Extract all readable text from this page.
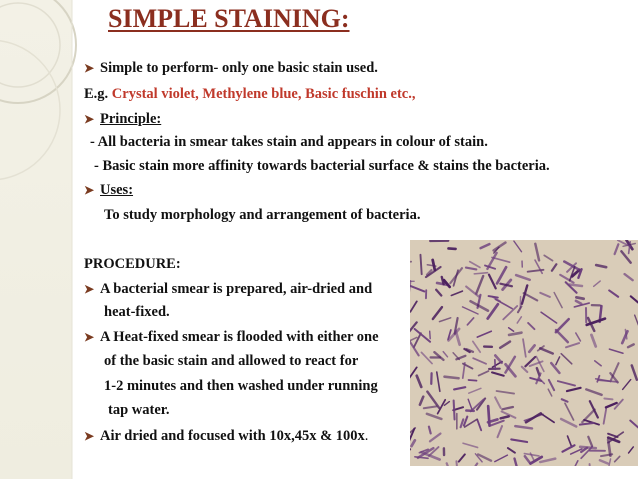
SIMPLE STAINING:
➤ Simple to perform- only one basic stain used.
E.g. Crystal violet, Methylene blue, Basic fuschin etc.,
➤ Principle:
- All bacteria in smear takes stain and appears in colour of stain.
- Basic stain more affinity towards bacterial surface & stains the bacteria.
➤ Uses:
To study morphology and arrangement of bacteria.
PROCEDURE:
➤ A bacterial smear is prepared, air-dried and
heat-fixed.
➤ A Heat-fixed smear is flooded with either one
of the basic stain and allowed to react for
1-2 minutes and then washed under running
tap water.
➤ Air dried and focused with 10x,45x & 100x.
